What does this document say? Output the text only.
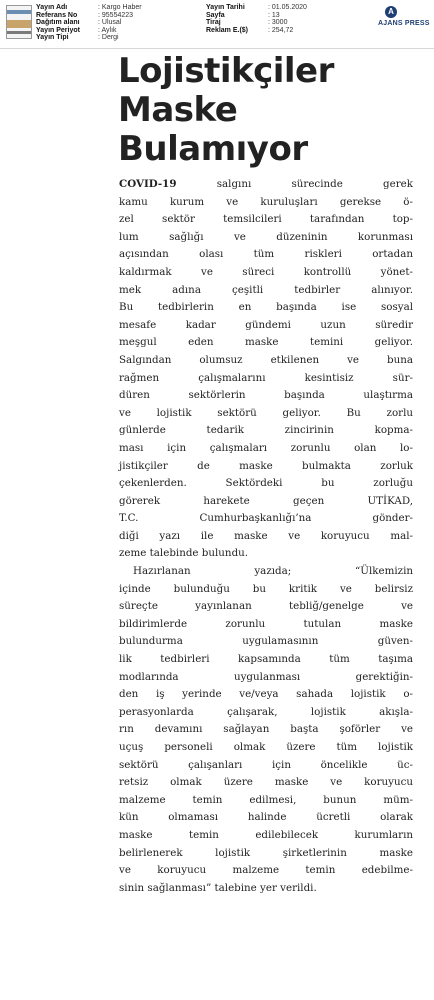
Yayın Adı	: Kargo Haber
Referans No	: 95554223
Dağıtım alanı	: Ulusal
Yayın Periyot	: Aylık
Yayın Tipi	: Dergi
Yayın Tarihi	: 01.05.2020
Sayfa	: 13
Tiraj	: 3000
Reklam E.($)	: 254,72
A
AJANS PRESS
Lojistikçiler
Maske
Bulamıyor
COVID-19 salgını sürecinde gerek
kamu kurum ve kuruluşları gerekse ö-
zel sektör temsilcileri tarafından top-
lum sağlığı ve düzeninin korunması
açısından olası tüm riskleri ortadan
kaldırmak ve süreci kontrollü yönet-
mek adına çeşitli tedbirler alınıyor.
Bu tedbirlerin en başında ise sosyal
mesafe kadar gündemi uzun süredir
meşgul eden maske temini geliyor.
Salgından olumsuz etkilenen ve buna
rağmen çalışmalarını kesintisiz sür-
düren sektörlerin başında ulaştırma
ve lojistik sektörü geliyor. Bu zorlu
günlerde tedarik zincirinin kopma-
ması için çalışmaları zorunlu olan lo-
jistikçiler de maske bulmakta zorluk
çekenlerden. Sektördeki bu zorluğu
görerek harekete geçen UTİKAD,
T.C. Cumhurbaşkanlığı’na gönder-
diği yazı ile maske ve koruyucu mal-
zeme talebinde bulundu.
Hazırlanan yazıda; “Ülkemizin
içinde bulunduğu bu kritik ve belirsiz
süreçte yayınlanan tebliğ/genelge ve
bildirimlerde zorunlu tutulan maske
bulundurma uygulamasının güven-
lik tedbirleri kapsamında tüm taşıma
modlarında uygulanması gerektiğin-
den iş yerinde ve/veya sahada lojistik o-
perasyonlarda çalışarak, lojistik akışla-
rın devamını sağlayan başta şoförler ve
uçuş personeli olmak üzere tüm lojistik
sektörü çalışanları için öncelikle üc-
retsiz olmak üzere maske ve koruyucu
malzeme temin edilmesi, bunun müm-
kün olmaması halinde ücretli olarak
maske temin edilebilecek kurumların
belirlenerek lojistik şirketlerinin maske
ve koruyucu malzeme temin edebilme-
sinin sağlanması” talebine yer verildi.
